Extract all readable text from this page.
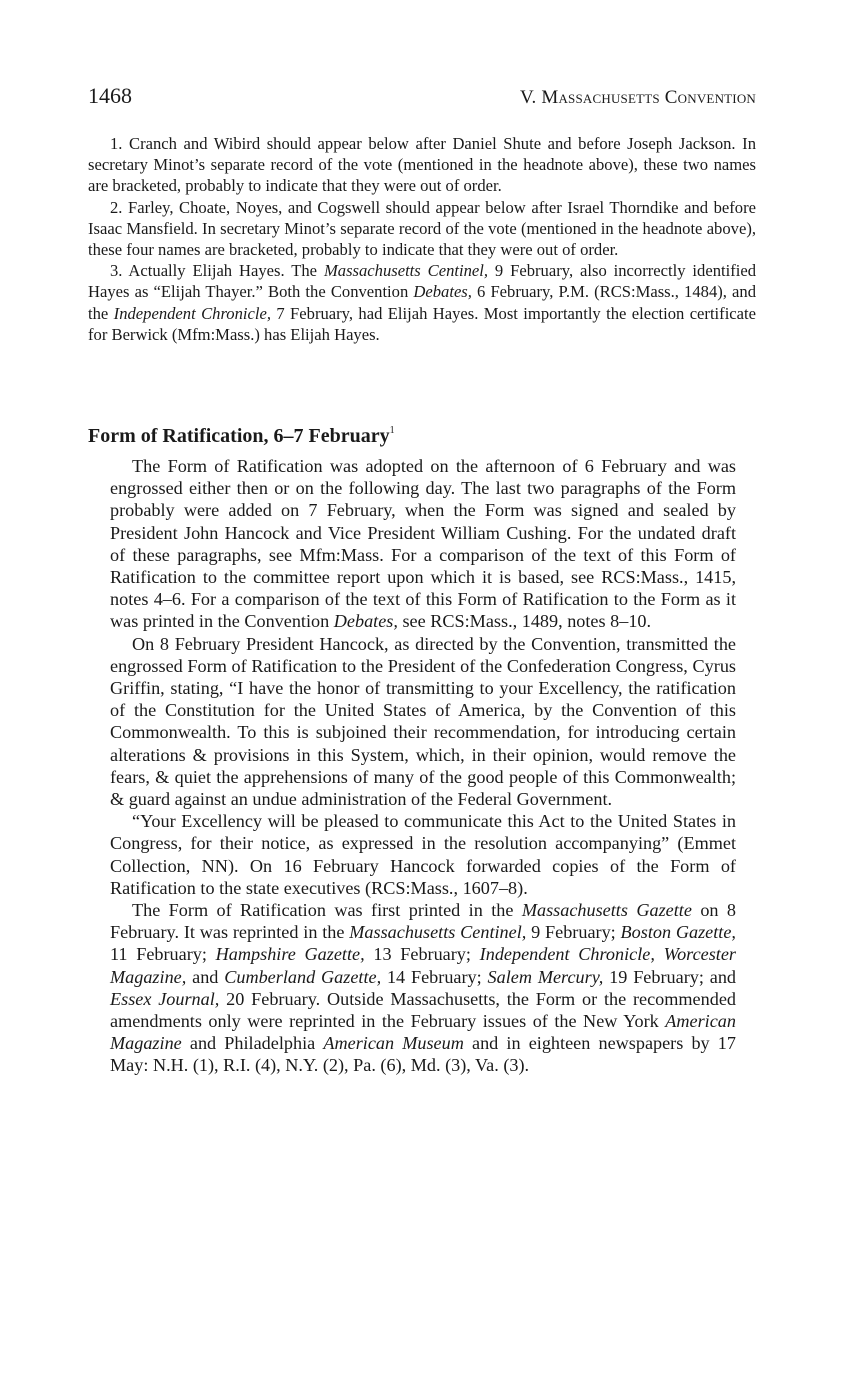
1468	V. Massachusetts Convention

1. Cranch and Wibird should appear below after Daniel Shute and before Joseph Jackson. In secretary Minot’s separate record of the vote (mentioned in the headnote above), these two names are bracketed, probably to indicate that they were out of order.

2. Farley, Choate, Noyes, and Cogswell should appear below after Israel Thorndike and before Isaac Mansfield. In secretary Minot’s separate record of the vote (mentioned in the headnote above), these four names are bracketed, probably to indicate that they were out of order.

3. Actually Elijah Hayes. The Massachusetts Centinel, 9 February, also incorrectly identified Hayes as “Elijah Thayer.” Both the Convention Debates, 6 February, P.M. (RCS:Mass., 1484), and the Independent Chronicle, 7 February, had Elijah Hayes. Most importantly the election certificate for Berwick (Mfm:Mass.) has Elijah Hayes.

Form of Ratification, 6–7 February$^1$

The Form of Ratification was adopted on the afternoon of 6 February and was engrossed either then or on the following day. The last two paragraphs of the Form probably were added on 7 February, when the Form was signed and sealed by President John Hancock and Vice President William Cushing. For the undated draft of these paragraphs, see Mfm:Mass. For a comparison of the text of this Form of Ratification to the committee report upon which it is based, see RCS:Mass., 1415, notes 4–6. For a comparison of the text of this Form of Ratification to the Form as it was printed in the Convention Debates, see RCS:Mass., 1489, notes 8–10.

On 8 February President Hancock, as directed by the Convention, transmitted the engrossed Form of Ratification to the President of the Confederation Congress, Cyrus Griffin, stating, “I have the honor of transmitting to your Excellency, the ratification of the Constitution for the United States of America, by the Convention of this Commonwealth. To this is subjoined their recommendation, for introducing certain alterations & provisions in this System, which, in their opinion, would remove the fears, & quiet the apprehensions of many of the good people of this Commonwealth; & guard against an undue administration of the Federal Government.

“Your Excellency will be pleased to communicate this Act to the United States in Congress, for their notice, as expressed in the resolution accompanying” (Emmet Collection, NN). On 16 February Hancock forwarded copies of the Form of Ratification to the state executives (RCS:Mass., 1607–8).

The Form of Ratification was first printed in the Massachusetts Gazette on 8 February. It was reprinted in the Massachusetts Centinel, 9 February; Boston Gazette, 11 February; Hampshire Gazette, 13 February; Independent Chronicle, Worcester Magazine, and Cumberland Gazette, 14 February; Salem Mercury, 19 February; and Essex Journal, 20 February. Outside Massachusetts, the Form or the recommended amendments only were reprinted in the February issues of the New York American Magazine and Philadelphia American Museum and in eighteen newspapers by 17 May: N.H. (1), R.I. (4), N.Y. (2), Pa. (6), Md. (3), Va. (3).
